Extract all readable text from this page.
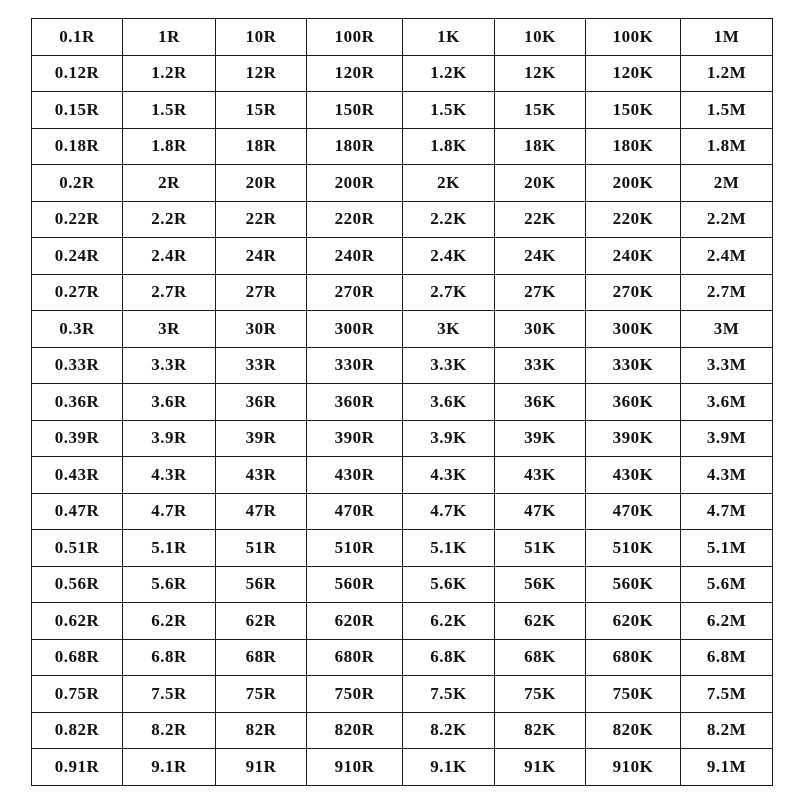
0.1R	1R	10R	100R	1K	10K	100K	1M
0.12R	1.2R	12R	120R	1.2K	12K	120K	1.2M
0.15R	1.5R	15R	150R	1.5K	15K	150K	1.5M
0.18R	1.8R	18R	180R	1.8K	18K	180K	1.8M
0.2R	2R	20R	200R	2K	20K	200K	2M
0.22R	2.2R	22R	220R	2.2K	22K	220K	2.2M
0.24R	2.4R	24R	240R	2.4K	24K	240K	2.4M
0.27R	2.7R	27R	270R	2.7K	27K	270K	2.7M
0.3R	3R	30R	300R	3K	30K	300K	3M
0.33R	3.3R	33R	330R	3.3K	33K	330K	3.3M
0.36R	3.6R	36R	360R	3.6K	36K	360K	3.6M
0.39R	3.9R	39R	390R	3.9K	39K	390K	3.9M
0.43R	4.3R	43R	430R	4.3K	43K	430K	4.3M
0.47R	4.7R	47R	470R	4.7K	47K	470K	4.7M
0.51R	5.1R	51R	510R	5.1K	51K	510K	5.1M
0.56R	5.6R	56R	560R	5.6K	56K	560K	5.6M
0.62R	6.2R	62R	620R	6.2K	62K	620K	6.2M
0.68R	6.8R	68R	680R	6.8K	68K	680K	6.8M
0.75R	7.5R	75R	750R	7.5K	75K	750K	7.5M
0.82R	8.2R	82R	820R	8.2K	82K	820K	8.2M
0.91R	9.1R	91R	910R	9.1K	91K	910K	9.1M
